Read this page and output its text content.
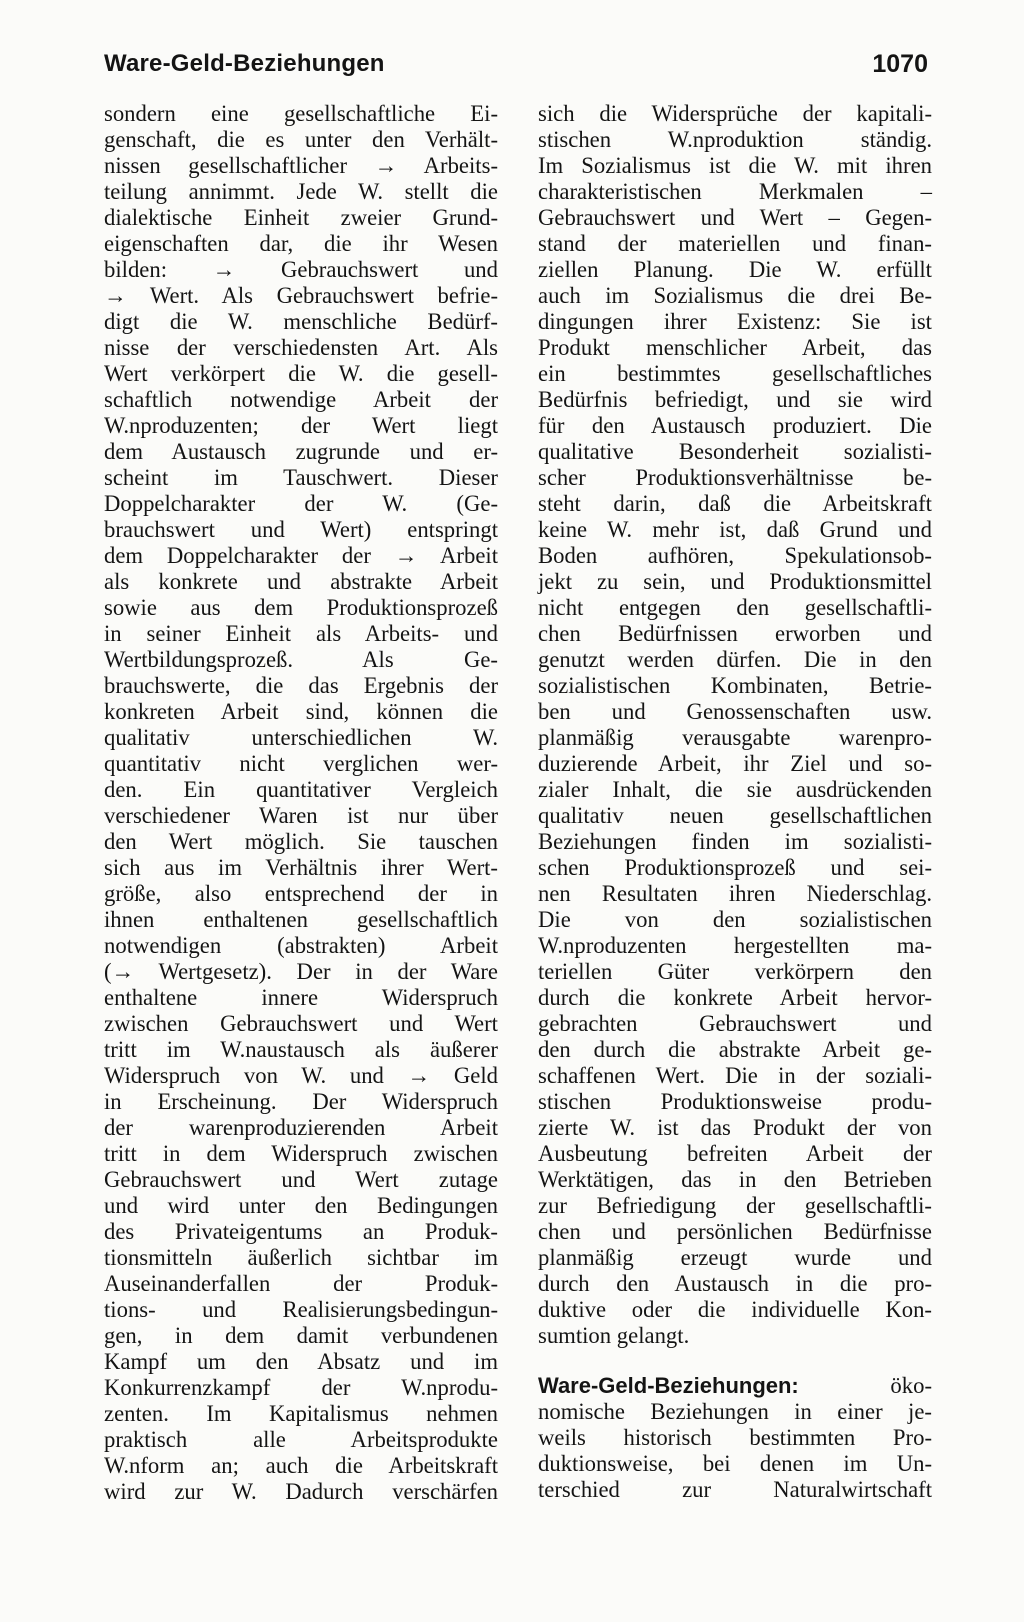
Ware-Geld-Beziehungen	1070
sondern eine gesellschaftliche Ei-
genschaft, die es unter den Verhält-
nissen gesellschaftlicher → Arbeits-
teilung annimmt. Jede W. stellt die
dialektische Einheit zweier Grund-
eigenschaften dar, die ihr Wesen
bilden: → Gebrauchswert und
→ Wert. Als Gebrauchswert befrie-
digt die W. menschliche Bedürf-
nisse der verschiedensten Art. Als
Wert verkörpert die W. die gesell-
schaftlich notwendige Arbeit der
W.nproduzenten; der Wert liegt
dem Austausch zugrunde und er-
scheint im Tauschwert. Dieser
Doppelcharakter der W. (Ge-
brauchswert und Wert) entspringt
dem Doppelcharakter der → Arbeit
als konkrete und abstrakte Arbeit
sowie aus dem Produktionsprozeß
in seiner Einheit als Arbeits- und
Wertbildungsprozeß. Als Ge-
brauchswerte, die das Ergebnis der
konkreten Arbeit sind, können die
qualitativ unterschiedlichen W.
quantitativ nicht verglichen wer-
den. Ein quantitativer Vergleich
verschiedener Waren ist nur über
den Wert möglich. Sie tauschen
sich aus im Verhältnis ihrer Wert-
größe, also entsprechend der in
ihnen enthaltenen gesellschaftlich
notwendigen (abstrakten) Arbeit
(→ Wertgesetz). Der in der Ware
enthaltene innere Widerspruch
zwischen Gebrauchswert und Wert
tritt im W.naustausch als äußerer
Widerspruch von W. und → Geld
in Erscheinung. Der Widerspruch
der warenproduzierenden Arbeit
tritt in dem Widerspruch zwischen
Gebrauchswert und Wert zutage
und wird unter den Bedingungen
des Privateigentums an Produk-
tionsmitteln äußerlich sichtbar im
Auseinanderfallen der Produk-
tions- und Realisierungsbedingun-
gen, in dem damit verbundenen
Kampf um den Absatz und im
Konkurrenzkampf der W.nprodu-
zenten. Im Kapitalismus nehmen
praktisch alle Arbeitsprodukte
W.nform an; auch die Arbeitskraft
wird zur W. Dadurch verschärfen
sich die Widersprüche der kapitali-
stischen W.nproduktion ständig.
Im Sozialismus ist die W. mit ihren
charakteristischen Merkmalen –
Gebrauchswert und Wert – Gegen-
stand der materiellen und finan-
ziellen Planung. Die W. erfüllt
auch im Sozialismus die drei Be-
dingungen ihrer Existenz: Sie ist
Produkt menschlicher Arbeit, das
ein bestimmtes gesellschaftliches
Bedürfnis befriedigt, und sie wird
für den Austausch produziert. Die
qualitative Besonderheit sozialisti-
scher Produktionsverhältnisse be-
steht darin, daß die Arbeitskraft
keine W. mehr ist, daß Grund und
Boden aufhören, Spekulationsob-
jekt zu sein, und Produktionsmittel
nicht entgegen den gesellschaftli-
chen Bedürfnissen erworben und
genutzt werden dürfen. Die in den
sozialistischen Kombinaten, Betrie-
ben und Genossenschaften usw.
planmäßig verausgabte warenpro-
duzierende Arbeit, ihr Ziel und so-
zialer Inhalt, die sie ausdrückenden
qualitativ neuen gesellschaftlichen
Beziehungen finden im sozialisti-
schen Produktionsprozeß und sei-
nen Resultaten ihren Niederschlag.
Die von den sozialistischen
W.nproduzenten hergestellten ma-
teriellen Güter verkörpern den
durch die konkrete Arbeit hervor-
gebrachten Gebrauchswert und
den durch die abstrakte Arbeit ge-
schaffenen Wert. Die in der soziali-
stischen Produktionsweise produ-
zierte W. ist das Produkt der von
Ausbeutung befreiten Arbeit der
Werktätigen, das in den Betrieben
zur Befriedigung der gesellschaftli-
chen und persönlichen Bedürfnisse
planmäßig erzeugt wurde und
durch den Austausch in die pro-
duktive oder die individuelle Kon-
sumtion gelangt.
Ware-Geld-Beziehungen:	öko-
nomische Beziehungen in einer je-
weils historisch bestimmten Pro-
duktionsweise, bei denen im Un-
terschied zur Naturalwirtschaft
